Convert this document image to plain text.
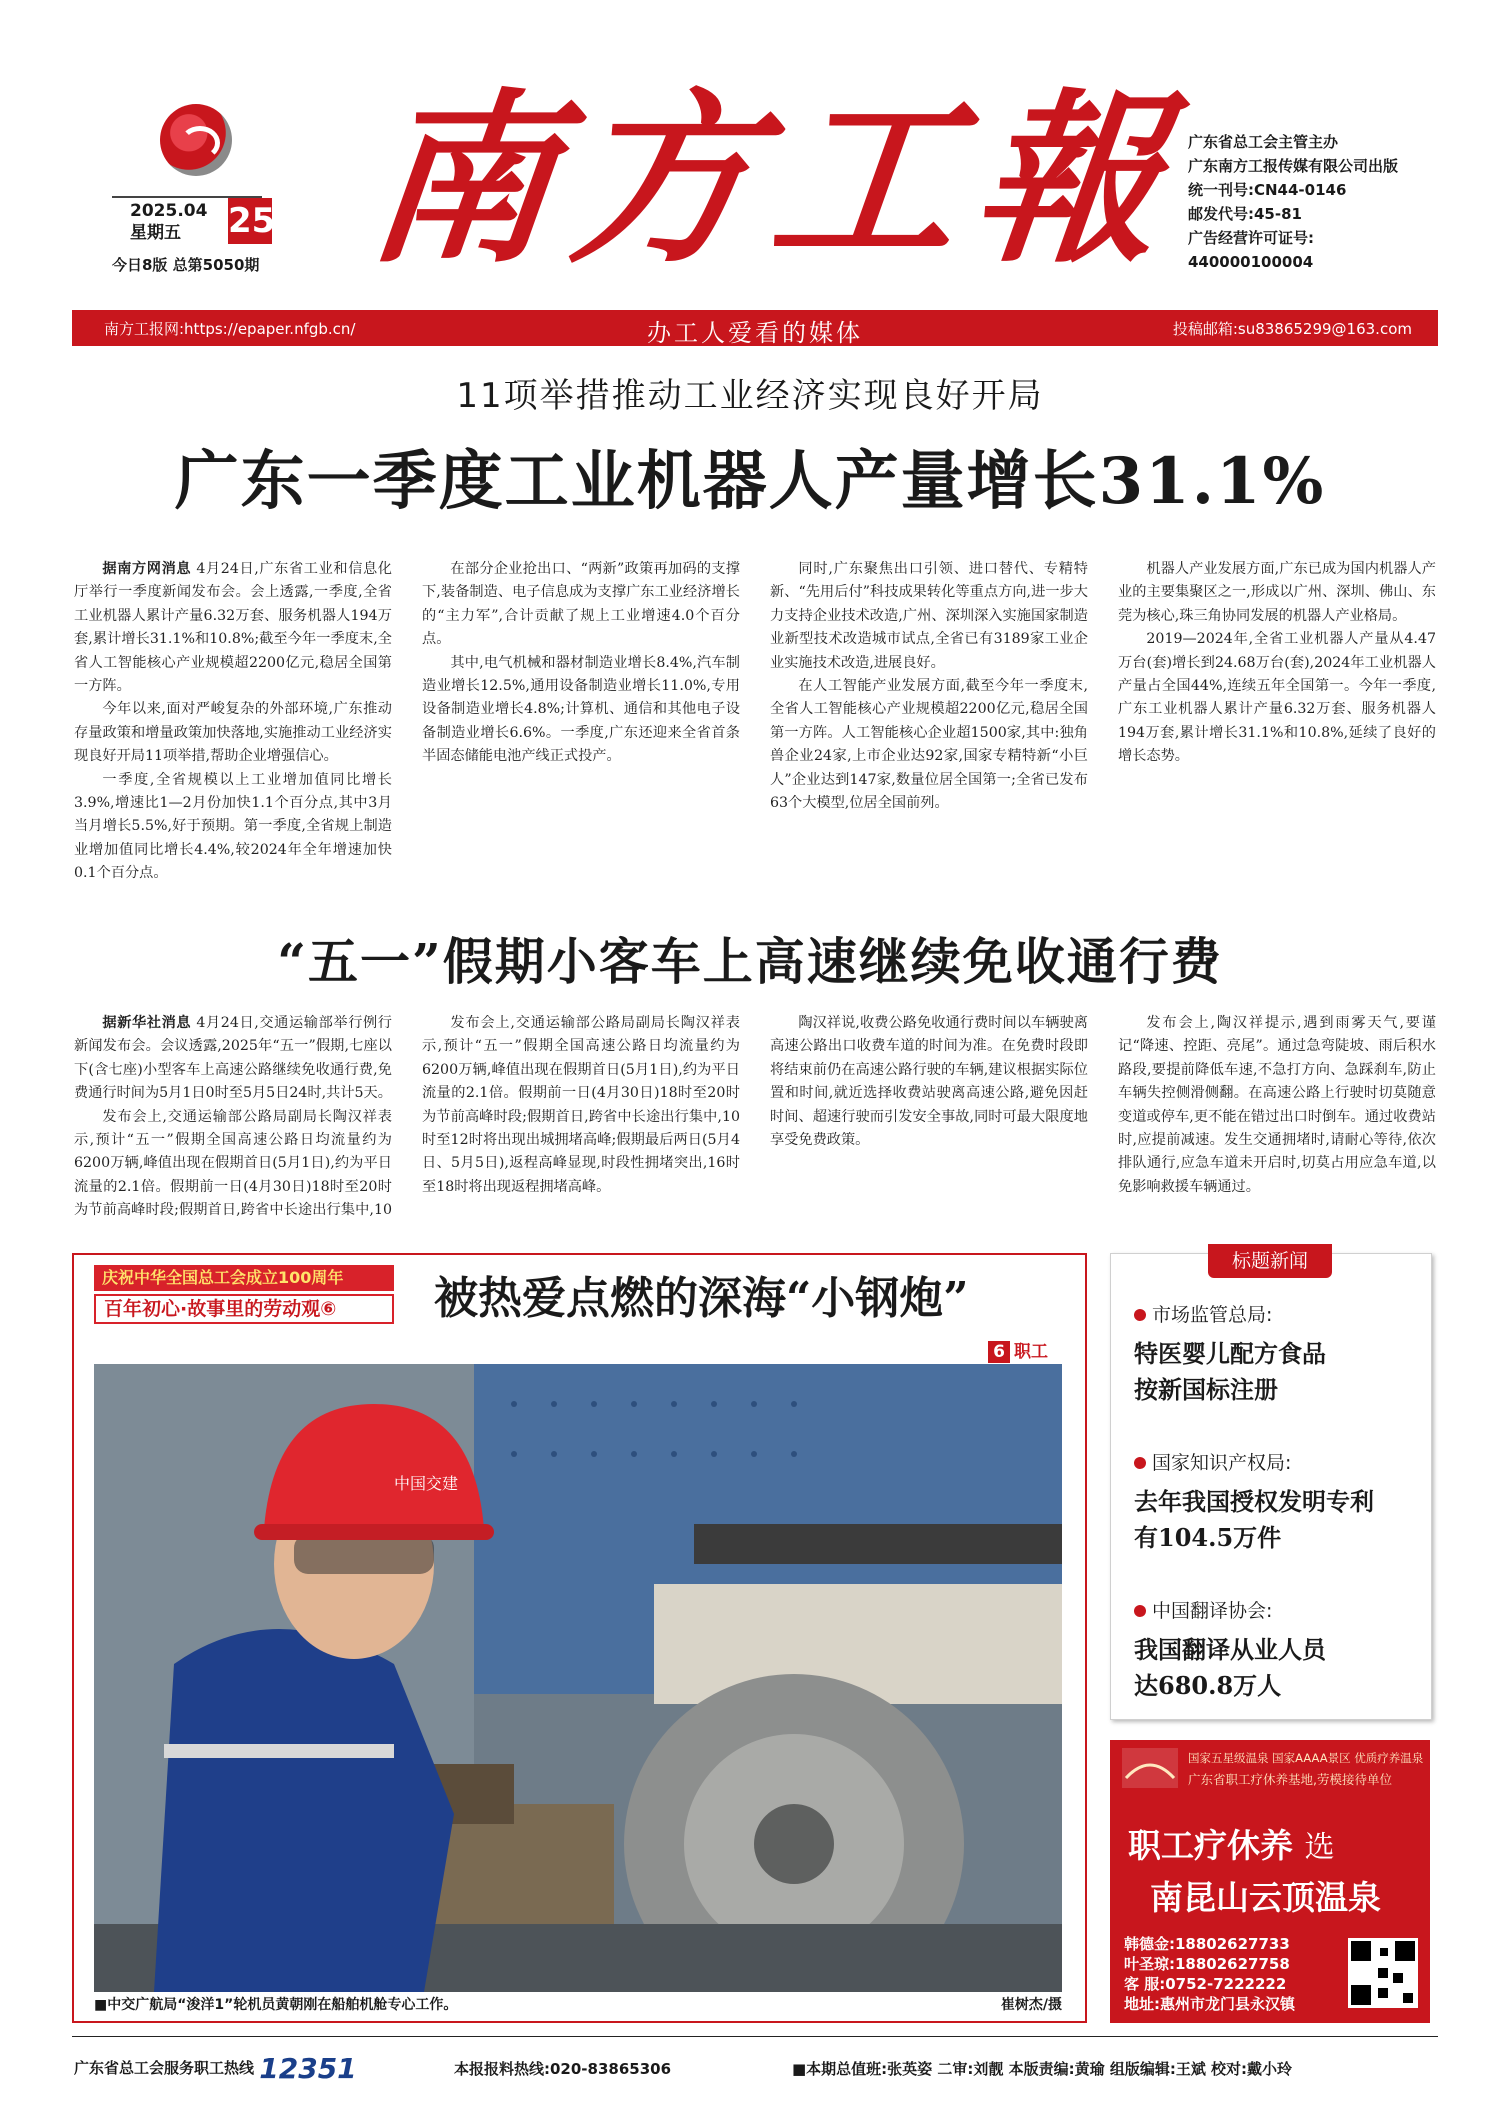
2025.04
星期五	25
今日8版 总第5050期 南方工報
广东省总工会主管主办
广东南方工报传媒有限公司出版
统一刊号:CN44-0146
邮发代号:45-81
广告经营许可证号:
440000100004
南方工报网:https://epaper.nfgb.cn/	办工人爱看的媒体	投稿邮箱:su83865299@163.com
11项举措推动工业经济实现良好开局
广东一季度工业机器人产量增长31.1%

据南方网消息 4月24日,广东省工业和信息化厅举行一季度新闻发布会。会上透露,一季度,全省工业机器人累计产量6.32万套、服务机器人194万套,累计增长31.1%和10.8%;截至今年一季度末,全省人工智能核心产业规模超2200亿元,稳居全国第一方阵。

今年以来,面对严峻复杂的外部环境,广东推动存量政策和增量政策加快落地,实施推动工业经济实现良好开局11项举措,帮助企业增强信心。

一季度,全省规模以上工业增加值同比增长3.9%,增速比1—2月份加快1.1个百分点,其中3月当月增长5.5%,好于预期。第一季度,全省规上制造业增加值同比增长4.4%,较2024年全年增速加快0.1个百分点。

在部分企业抢出口、“两新”政策再加码的支撑下,装备制造、电子信息成为支撑广东工业经济增长的“主力军”,合计贡献了规上工业增速4.0个百分点。

其中,电气机械和器材制造业增长8.4%,汽车制造业增长12.5%,通用设备制造业增长11.0%,专用设备制造业增长4.8%;计算机、通信和其他电子设备制造业增长6.6%。一季度,广东还迎来全省首条半固态储能电池产线正式投产。

同时,广东聚焦出口引领、进口替代、专精特新、“先用后付”科技成果转化等重点方向,进一步大力支持企业技术改造,广州、深圳深入实施国家制造业新型技术改造城市试点,全省已有3189家工业企业实施技术改造,进展良好。

在人工智能产业发展方面,截至今年一季度末,全省人工智能核心产业规模超2200亿元,稳居全国第一方阵。人工智能核心企业超1500家,其中:独角兽企业24家,上市企业达92家,国家专精特新“小巨人”企业达到147家,数量位居全国第一;全省已发布63个大模型,位居全国前列。

机器人产业发展方面,广东已成为国内机器人产业的主要集聚区之一,形成以广州、深圳、佛山、东莞为核心,珠三角协同发展的机器人产业格局。

2019—2024年,全省工业机器人产量从4.47万台(套)增长到24.68万台(套),2024年工业机器人产量占全国44%,连续五年全国第一。今年一季度,广东工业机器人累计产量6.32万套、服务机器人194万套,累计增长31.1%和10.8%,延续了良好的增长态势。

“五一”假期小客车上高速继续免收通行费

据新华社消息 4月24日,交通运输部举行例行新闻发布会。会议透露,2025年“五一”假期,七座以下(含七座)小型客车上高速公路继续免收通行费,免费通行时间为5月1日0时至5月5日24时,共计5天。

发布会上,交通运输部公路局副局长陶汉祥表示,预计“五一”假期全国高速公路日均流量约为6200万辆,峰值出现在假期首日(5月1日),约为平日流量的2.1倍。假期前一日(4月30日)18时至20时为节前高峰时段;假期首日,跨省中长途出行集中,10

发布会上,交通运输部公路局副局长陶汉祥表示,预计“五一”假期全国高速公路日均流量约为6200万辆,峰值出现在假期首日(5月1日),约为平日流量的2.1倍。假期前一日(4月30日)18时至20时为节前高峰时段;假期首日,跨省中长途出行集中,10时至12时将出现出城拥堵高峰;假期最后两日(5月4日、5月5日),返程高峰显现,时段性拥堵突出,16时至18时将出现返程拥堵高峰。

陶汉祥说,收费公路免收通行费时间以车辆驶离高速公路出口收费车道的时间为准。在免费时段即将结束前仍在高速公路行驶的车辆,建议根据实际位置和时间,就近选择收费站驶离高速公路,避免因赶时间、超速行驶而引发安全事故,同时可最大限度地享受免费政策。

发布会上,陶汉祥提示,遇到雨雾天气,要谨记“降速、控距、亮尾”。通过急弯陡坡、雨后积水路段,要提前降低车速,不急打方向、急踩刹车,防止车辆失控侧滑侧翻。在高速公路上行驶时切莫随意变道或停车,更不能在错过出口时倒车。通过收费站时,应提前减速。发生交通拥堵时,请耐心等待,依次排队通行,应急车道未开启时,切莫占用应急车道,以免影响救援车辆通过。

庆祝中华全国总工会成立100周年
百年初心·故事里的劳动观⑥	被热爱点燃的深海“小钢炮”
6 职工
中国交建
■中交广航局“浚洋1”轮机员黄朝刚在船舶机舱专心工作。	崔树杰/摄
标题新闻
市场监管总局:
特医婴儿配方食品
按新国标注册
国家知识产权局:
去年我国授权发明专利
有104.5万件
中国翻译协会:
我国翻译从业人员
达680.8万人
国家五星级温泉 国家AAAA景区 优质疗养温泉
广东省职工疗休养基地,劳模接待单位
职工疗休养 选
南昆山云顶温泉
韩德金:18802627733
叶圣琼:18802627758
客 服:0752-7222222
地址:惠州市龙门县永汉镇
广东省总工会服务职工热线 12351	本报报料热线:020-83865306	■本期总值班:张英姿 二审:刘靓 本版责编:黄瑜 组版编辑:王斌 校对:戴小玲
